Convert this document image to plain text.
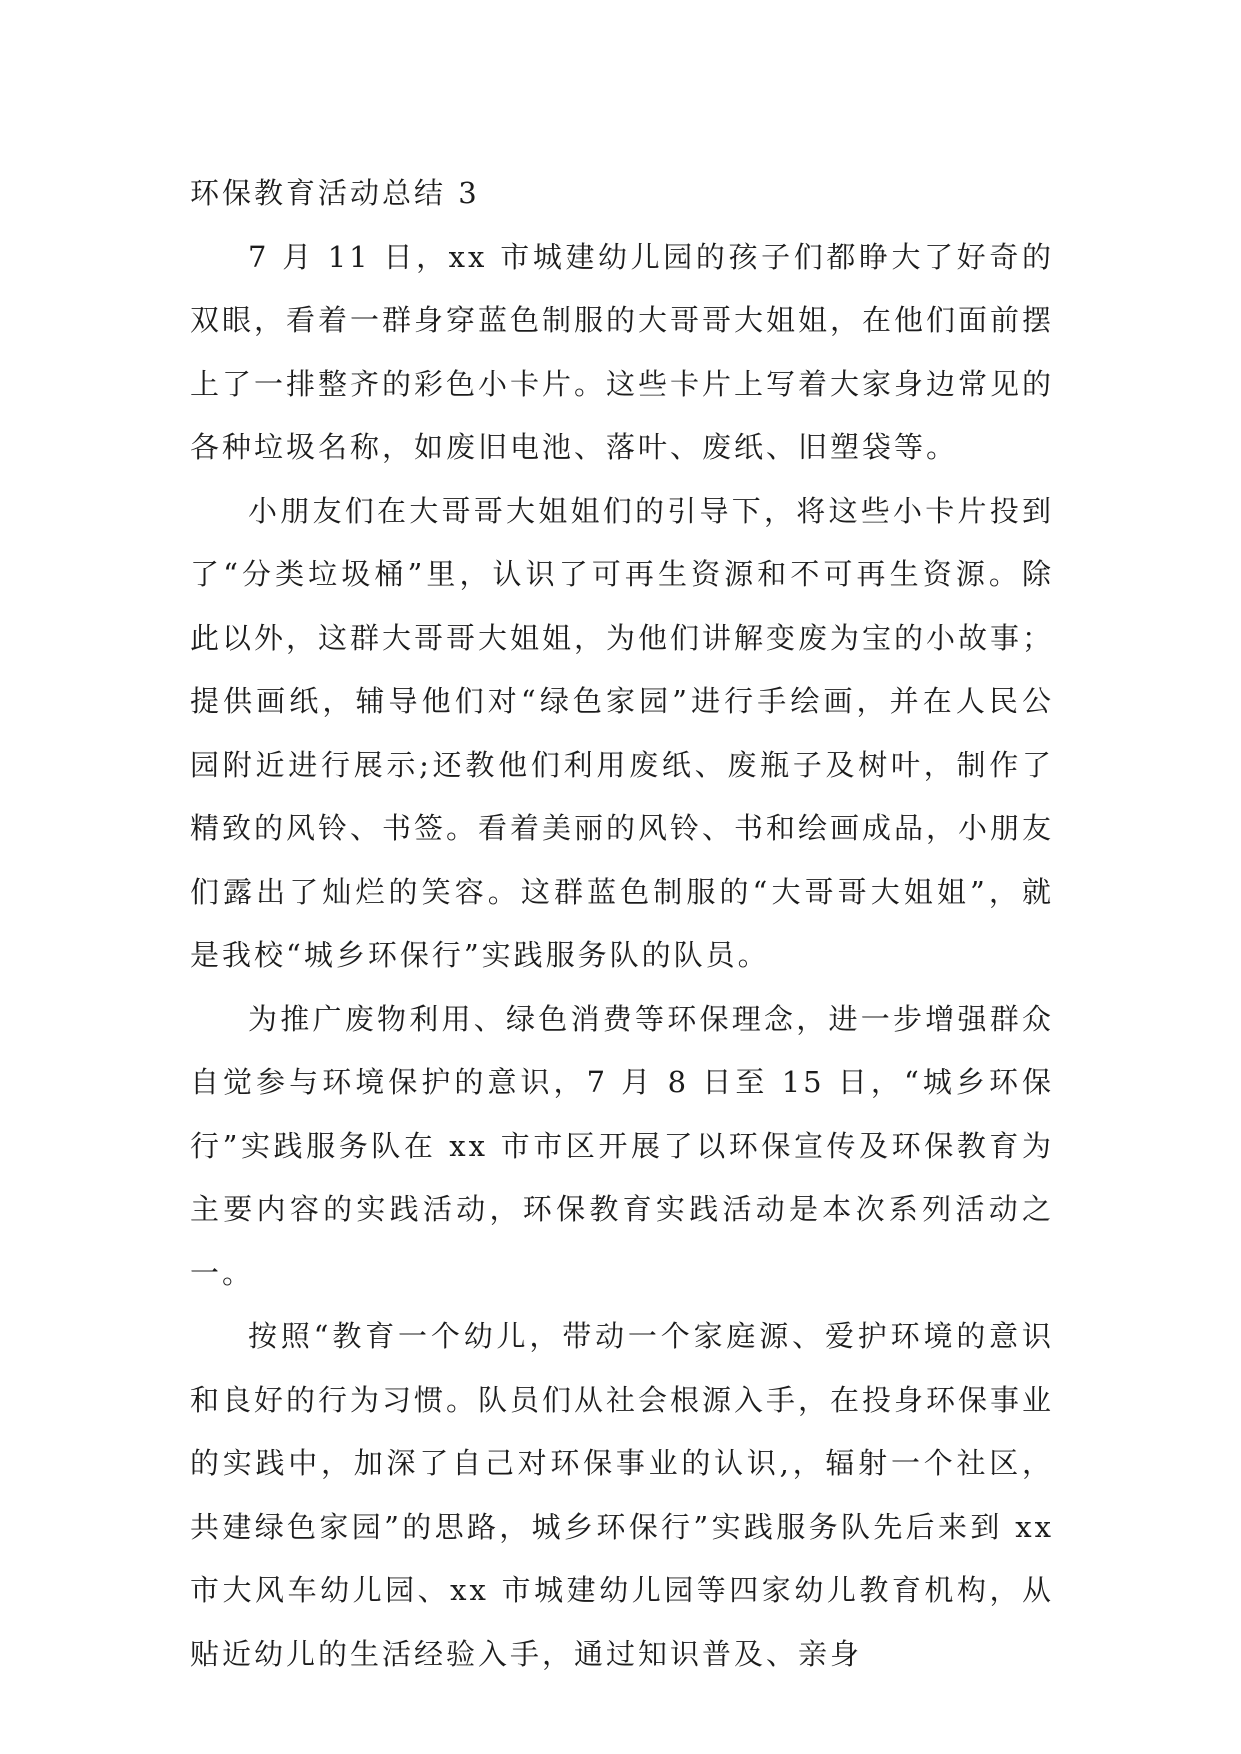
环保教育活动总结 3

7 月 11 日，xx 市城建幼儿园的孩子们都睁大了好奇的双眼，看着一群身穿蓝色制服的大哥哥大姐姐，在他们面前摆上了一排整齐的彩色小卡片。这些卡片上写着大家身边常见的各种垃圾名称，如废旧电池、落叶、废纸、旧塑袋等。

小朋友们在大哥哥大姐姐们的引导下，将这些小卡片投到了“分类垃圾桶”里，认识了可再生资源和不可再生资源。除此以外，这群大哥哥大姐姐，为他们讲解变废为宝的小故事；提供画纸，辅导他们对“绿色家园”进行手绘画，并在人民公园附近进行展示;还教他们利用废纸、废瓶子及树叶，制作了精致的风铃、书签。看着美丽的风铃、书和绘画成品，小朋友们露出了灿烂的笑容。这群蓝色制服的“大哥哥大姐姐”，就是我校“城乡环保行”实践服务队的队员。

为推广废物利用、绿色消费等环保理念，进一步增强群众自觉参与环境保护的意识，7 月 8 日至 15 日，“城乡环保行”实践服务队在 xx 市市区开展了以环保宣传及环保教育为主要内容的实践活动，环保教育实践活动是本次系列活动之一。

按照“教育一个幼儿，带动一个家庭源、爱护环境的意识和良好的行为习惯。队员们从社会根源入手，在投身环保事业的实践中，加深了自己对环保事业的认识,，辐射一个社区，共建绿色家园”的思路，城乡环保行”实践服务队先后来到 xx 市大风车幼儿园、xx 市城建幼儿园等四家幼儿教育机构，从贴近幼儿的生活经验入手，通过知识普及、亲身
